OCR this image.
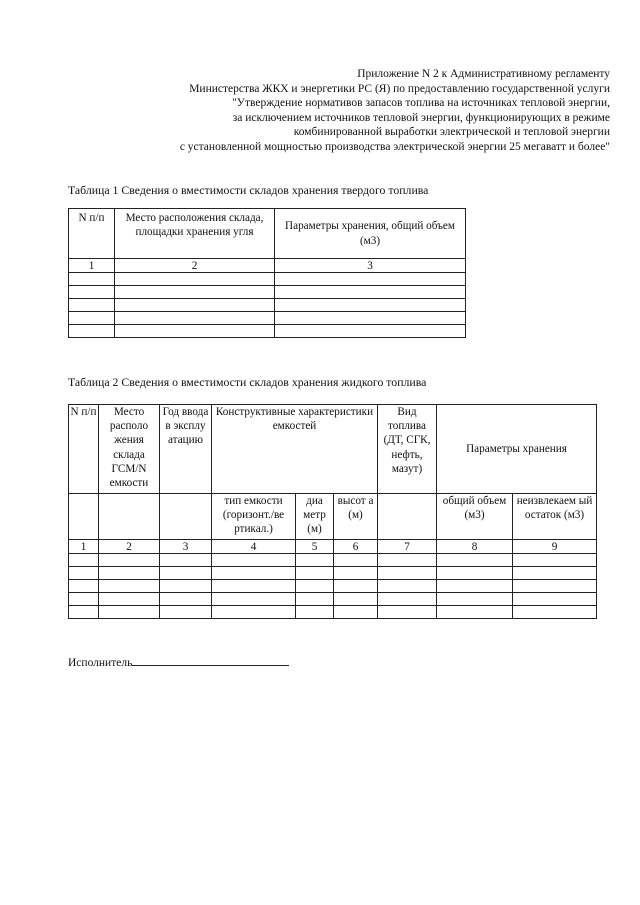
Приложение N 2 к Административному регламенту
Министерства ЖКХ и энергетики РС (Я) по предоставлению государственной услуги
"Утверждение нормативов запасов топлива на источниках тепловой энергии,
за исключением источников тепловой энергии, функционирующих в режиме
комбинированной выработки электрической и тепловой энергии
с установленной мощностью производства электрической энергии 25 мегаватт и более"
Таблица 1 Сведения о вместимости складов хранения твердого топлива
N п/п	Место расположения склада, площадки хранения угля	Параметры хранения, общий объем (м3)
1	2	3

Таблица 2 Сведения о вместимости складов хранения жидкого топлива
N п/п	Место располо жения склада ГСМ/N емкости	Год ввода в эксплу атацию	Конструктивные характеристики емкостей			Вид топлива (ДТ, СГК, нефть, мазут)	Параметры хранения	
			тип емкости (горизонт./ве ртикал.)	диа метр (м)	высот а (м)		общий объем (м3)	неизвлекаем ый остаток (м3)
1	2	3	4	5	6	7	8	9

Исполнитель
